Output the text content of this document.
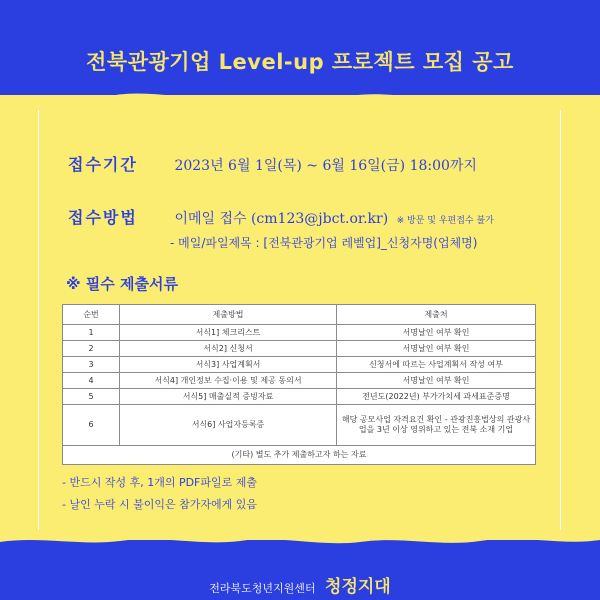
전북관광기업 Level-up 프로젝트 모집 공고
접수기간	2023년 6월 1일(목) ~ 6월 16일(금) 18:00까지
접수방법	이메일 접수 (cm123@jbct.or.kr) ※ 방문 및 우편접수 불가
- 메일/파일제목 : [전북관광기업 레벨업]_신청자명(업체명)
※ 필수 제출서류
순번	제출방법	제출처
1	서식1] 체크리스트	서명날인 여부 확인
2	서식2] 신청서	서명날인 여부 확인
3	서식3] 사업계획서	신청서에 따르는 사업계획서 작성 여부
4	서식4] 개인정보 수집·이용 및 제공 동의서	서명날인 여부 확인
5	서식5] 매출실적 증빙자료	전년도(2022년) 부가가치세 과세표준증명
6	서식6] 사업자등록증	해당 공모사업 자격요건 확인 - 관광진흥법상의 관광사업을 3년 이상 영위하고 있는 전북 소재 기업
(기타) 별도 추가 제출하고자 하는 자료		
- 반드시 작성 후, 1개의 PDF파일로 제출
- 날인 누락 시 불이익은 참가자에게 있음
전라북도청년지원센터 청정지대
